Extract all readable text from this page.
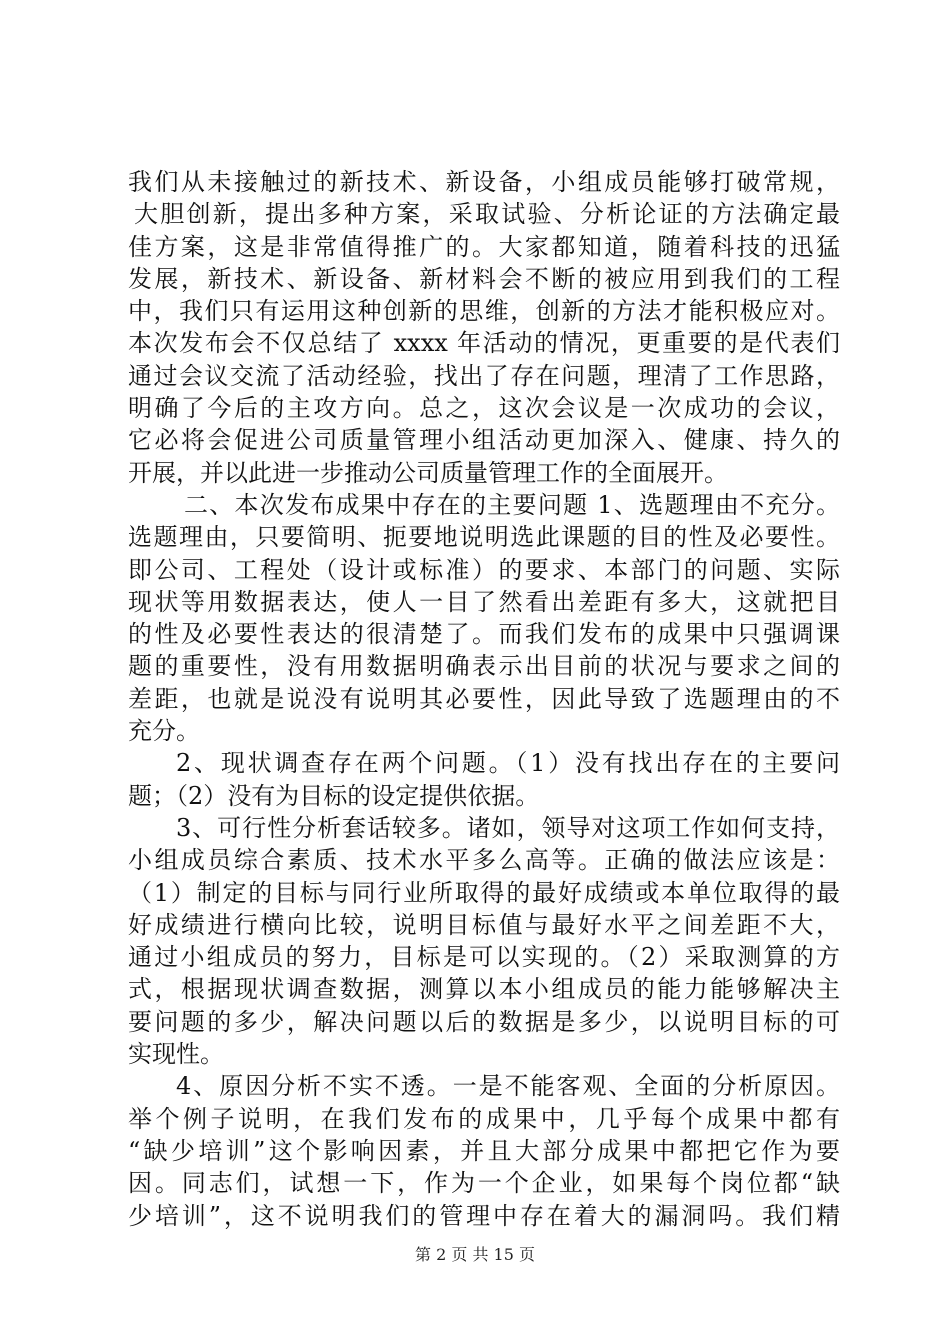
我们从未接触过的新技术、新设备，小组成员能够打破常规，
大胆创新，提出多种方案，采取试验、分析论证的方法确定最
佳方案，这是非常值得推广的。大家都知道，随着科技的迅猛
发展，新技术、新设备、新材料会不断的被应用到我们的工程
中，我们只有运用这种创新的思维，创新的方法才能积极应对。
本次发布会不仅总结了 xxxx 年活动的情况，更重要的是代表们
通过会议交流了活动经验，找出了存在问题，理清了工作思路，
明确了今后的主攻方向。总之，这次会议是一次成功的会议，
它必将会促进公司质量管理小组活动更加深入、健康、持久的
开展，并以此进一步推动公司质量管理工作的全面展开。
二、本次发布成果中存在的主要问题 1、选题理由不充分。
选题理由，只要简明、扼要地说明选此课题的目的性及必要性。
即公司、工程处（设计或标准）的要求、本部门的问题、实际
现状等用数据表达，使人一目了然看出差距有多大，这就把目
的性及必要性表达的很清楚了。而我们发布的成果中只强调课
题的重要性，没有用数据明确表示出目前的状况与要求之间的
差距，也就是说没有说明其必要性，因此导致了选题理由的不
充分。
2、现状调查存在两个问题。（1）没有找出存在的主要问
题；（2）没有为目标的设定提供依据。
3、可行性分析套话较多。诸如，领导对这项工作如何支持，
小组成员综合素质、技术水平多么高等。正确的做法应该是：
（1）制定的目标与同行业所取得的最好成绩或本单位取得的最
好成绩进行横向比较，说明目标值与最好水平之间差距不大，
通过小组成员的努力，目标是可以实现的。（2）采取测算的方
式，根据现状调查数据，测算以本小组成员的能力能够解决主
要问题的多少，解决问题以后的数据是多少，以说明目标的可
实现性。
4、原因分析不实不透。一是不能客观、全面的分析原因。
举个例子说明，在我们发布的成果中，几乎每个成果中都有
“缺少培训”这个影响因素，并且大部分成果中都把它作为要
因。同志们，试想一下，作为一个企业，如果每个岗位都“缺
少培训”，这不说明我们的管理中存在着大的漏洞吗。我们精
第 2 页 共 15 页
